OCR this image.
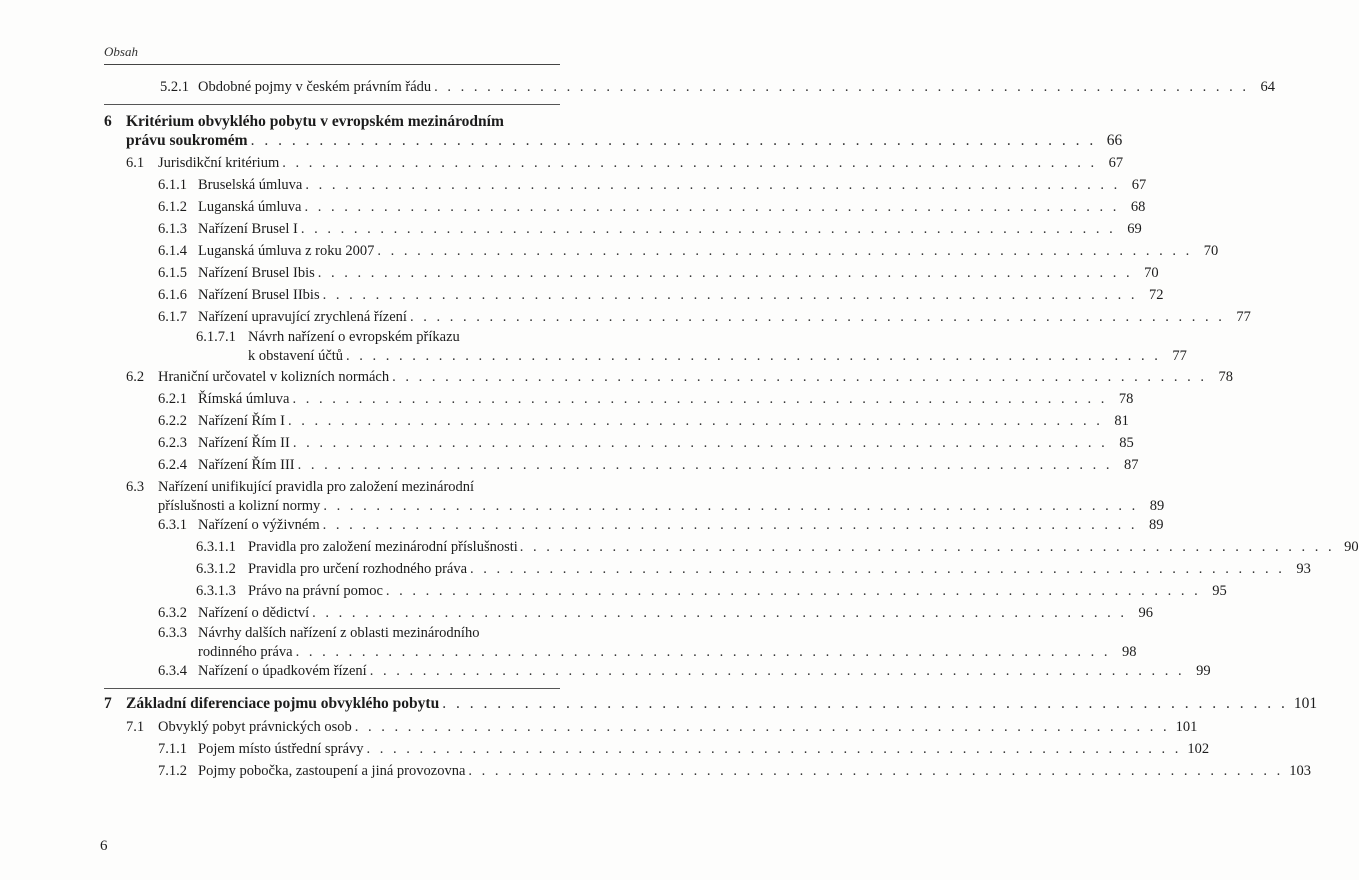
Obsah
5.2.1 Obdobné pojmy v českém právním řádu . . . . . . . . . . . . . . . . . . . . . . . . . . . . . . . . . . . . . . . . . . . . . . . . . . . . . . . . . . . . . . 64
6 Kritérium obvyklého pobytu v evropském mezinárodním
právu soukromém . . . . . . . . . . . . . . . . . . . . . . . . . . . . . . . . . . . . . . . . . . . . . . . . . . . . . . . . . . . . . . 66
6.1 Jurisdikční kritérium . . . . . . . . . . . . . . . . . . . . . . . . . . . . . . . . . . . . . . . . . . . . . . . . . . . . . . . . . . . . . . 67
6.1.1 Bruselská úmluva . . . . . . . . . . . . . . . . . . . . . . . . . . . . . . . . . . . . . . . . . . . . . . . . . . . . . . . . . . . . . . 67
6.1.2 Luganská úmluva . . . . . . . . . . . . . . . . . . . . . . . . . . . . . . . . . . . . . . . . . . . . . . . . . . . . . . . . . . . . . . 68
6.1.3 Nařízení Brusel I . . . . . . . . . . . . . . . . . . . . . . . . . . . . . . . . . . . . . . . . . . . . . . . . . . . . . . . . . . . . . . 69
6.1.4 Luganská úmluva z roku 2007 . . . . . . . . . . . . . . . . . . . . . . . . . . . . . . . . . . . . . . . . . . . . . . . . . . . . . . . . . . . . . . 70
6.1.5 Nařízení Brusel Ibis . . . . . . . . . . . . . . . . . . . . . . . . . . . . . . . . . . . . . . . . . . . . . . . . . . . . . . . . . . . . . . 70
6.1.6 Nařízení Brusel IIbis . . . . . . . . . . . . . . . . . . . . . . . . . . . . . . . . . . . . . . . . . . . . . . . . . . . . . . . . . . . . . . 72
6.1.7 Nařízení upravující zrychlená řízení . . . . . . . . . . . . . . . . . . . . . . . . . . . . . . . . . . . . . . . . . . . . . . . . . . . . . . . . . . . . . . 77
6.1.7.1 Návrh nařízení o evropském příkazu
k obstavení účtů . . . . . . . . . . . . . . . . . . . . . . . . . . . . . . . . . . . . . . . . . . . . . . . . . . . . . . . . . . . . . . 77
6.2 Hraniční určovatel v kolizních normách . . . . . . . . . . . . . . . . . . . . . . . . . . . . . . . . . . . . . . . . . . . . . . . . . . . . . . . . . . . . . . 78
6.2.1 Římská úmluva . . . . . . . . . . . . . . . . . . . . . . . . . . . . . . . . . . . . . . . . . . . . . . . . . . . . . . . . . . . . . . 78
6.2.2 Nařízení Řím I . . . . . . . . . . . . . . . . . . . . . . . . . . . . . . . . . . . . . . . . . . . . . . . . . . . . . . . . . . . . . . 81
6.2.3 Nařízení Řím II . . . . . . . . . . . . . . . . . . . . . . . . . . . . . . . . . . . . . . . . . . . . . . . . . . . . . . . . . . . . . . 85
6.2.4 Nařízení Řím III . . . . . . . . . . . . . . . . . . . . . . . . . . . . . . . . . . . . . . . . . . . . . . . . . . . . . . . . . . . . . . 87
6.3 Nařízení unifikující pravidla pro založení mezinárodní
příslušnosti a kolizní normy . . . . . . . . . . . . . . . . . . . . . . . . . . . . . . . . . . . . . . . . . . . . . . . . . . . . . . . . . . . . . . 89
6.3.1 Nařízení o výživném . . . . . . . . . . . . . . . . . . . . . . . . . . . . . . . . . . . . . . . . . . . . . . . . . . . . . . . . . . . . . . 89
6.3.1.1 Pravidla pro založení mezinárodní příslušnosti . . . . . . . . . . . . . . . . . . . . . . . . . . . . . . . . . . . . . . . . . . . . . . . . . . . . . . . . . . . . . . 90
6.3.1.2 Pravidla pro určení rozhodného práva . . . . . . . . . . . . . . . . . . . . . . . . . . . . . . . . . . . . . . . . . . . . . . . . . . . . . . . . . . . . . . 93
6.3.1.3 Právo na právní pomoc . . . . . . . . . . . . . . . . . . . . . . . . . . . . . . . . . . . . . . . . . . . . . . . . . . . . . . . . . . . . . . 95
6.3.2 Nařízení o dědictví . . . . . . . . . . . . . . . . . . . . . . . . . . . . . . . . . . . . . . . . . . . . . . . . . . . . . . . . . . . . . . 96
6.3.3 Návrhy dalších nařízení z oblasti mezinárodního
rodinného práva . . . . . . . . . . . . . . . . . . . . . . . . . . . . . . . . . . . . . . . . . . . . . . . . . . . . . . . . . . . . . . 98
6.3.4 Nařízení o úpadkovém řízení . . . . . . . . . . . . . . . . . . . . . . . . . . . . . . . . . . . . . . . . . . . . . . . . . . . . . . . . . . . . . . 99
7 Základní diferenciace pojmu obvyklého pobytu . . . . . . . . . . . . . . . . . . . . . . . . . . . . . . . . . . . . . . . . . . . . . . . . . . . . . . . . . . . . . . 101
7.1 Obvyklý pobyt právnických osob . . . . . . . . . . . . . . . . . . . . . . . . . . . . . . . . . . . . . . . . . . . . . . . . . . . . . . . . . . . . . . 101
7.1.1 Pojem místo ústřední správy . . . . . . . . . . . . . . . . . . . . . . . . . . . . . . . . . . . . . . . . . . . . . . . . . . . . . . . . . . . . . . 102
7.1.2 Pojmy pobočka, zastoupení a jiná provozovna . . . . . . . . . . . . . . . . . . . . . . . . . . . . . . . . . . . . . . . . . . . . . . . . . . . . . . . . . . . . . . 103
6
